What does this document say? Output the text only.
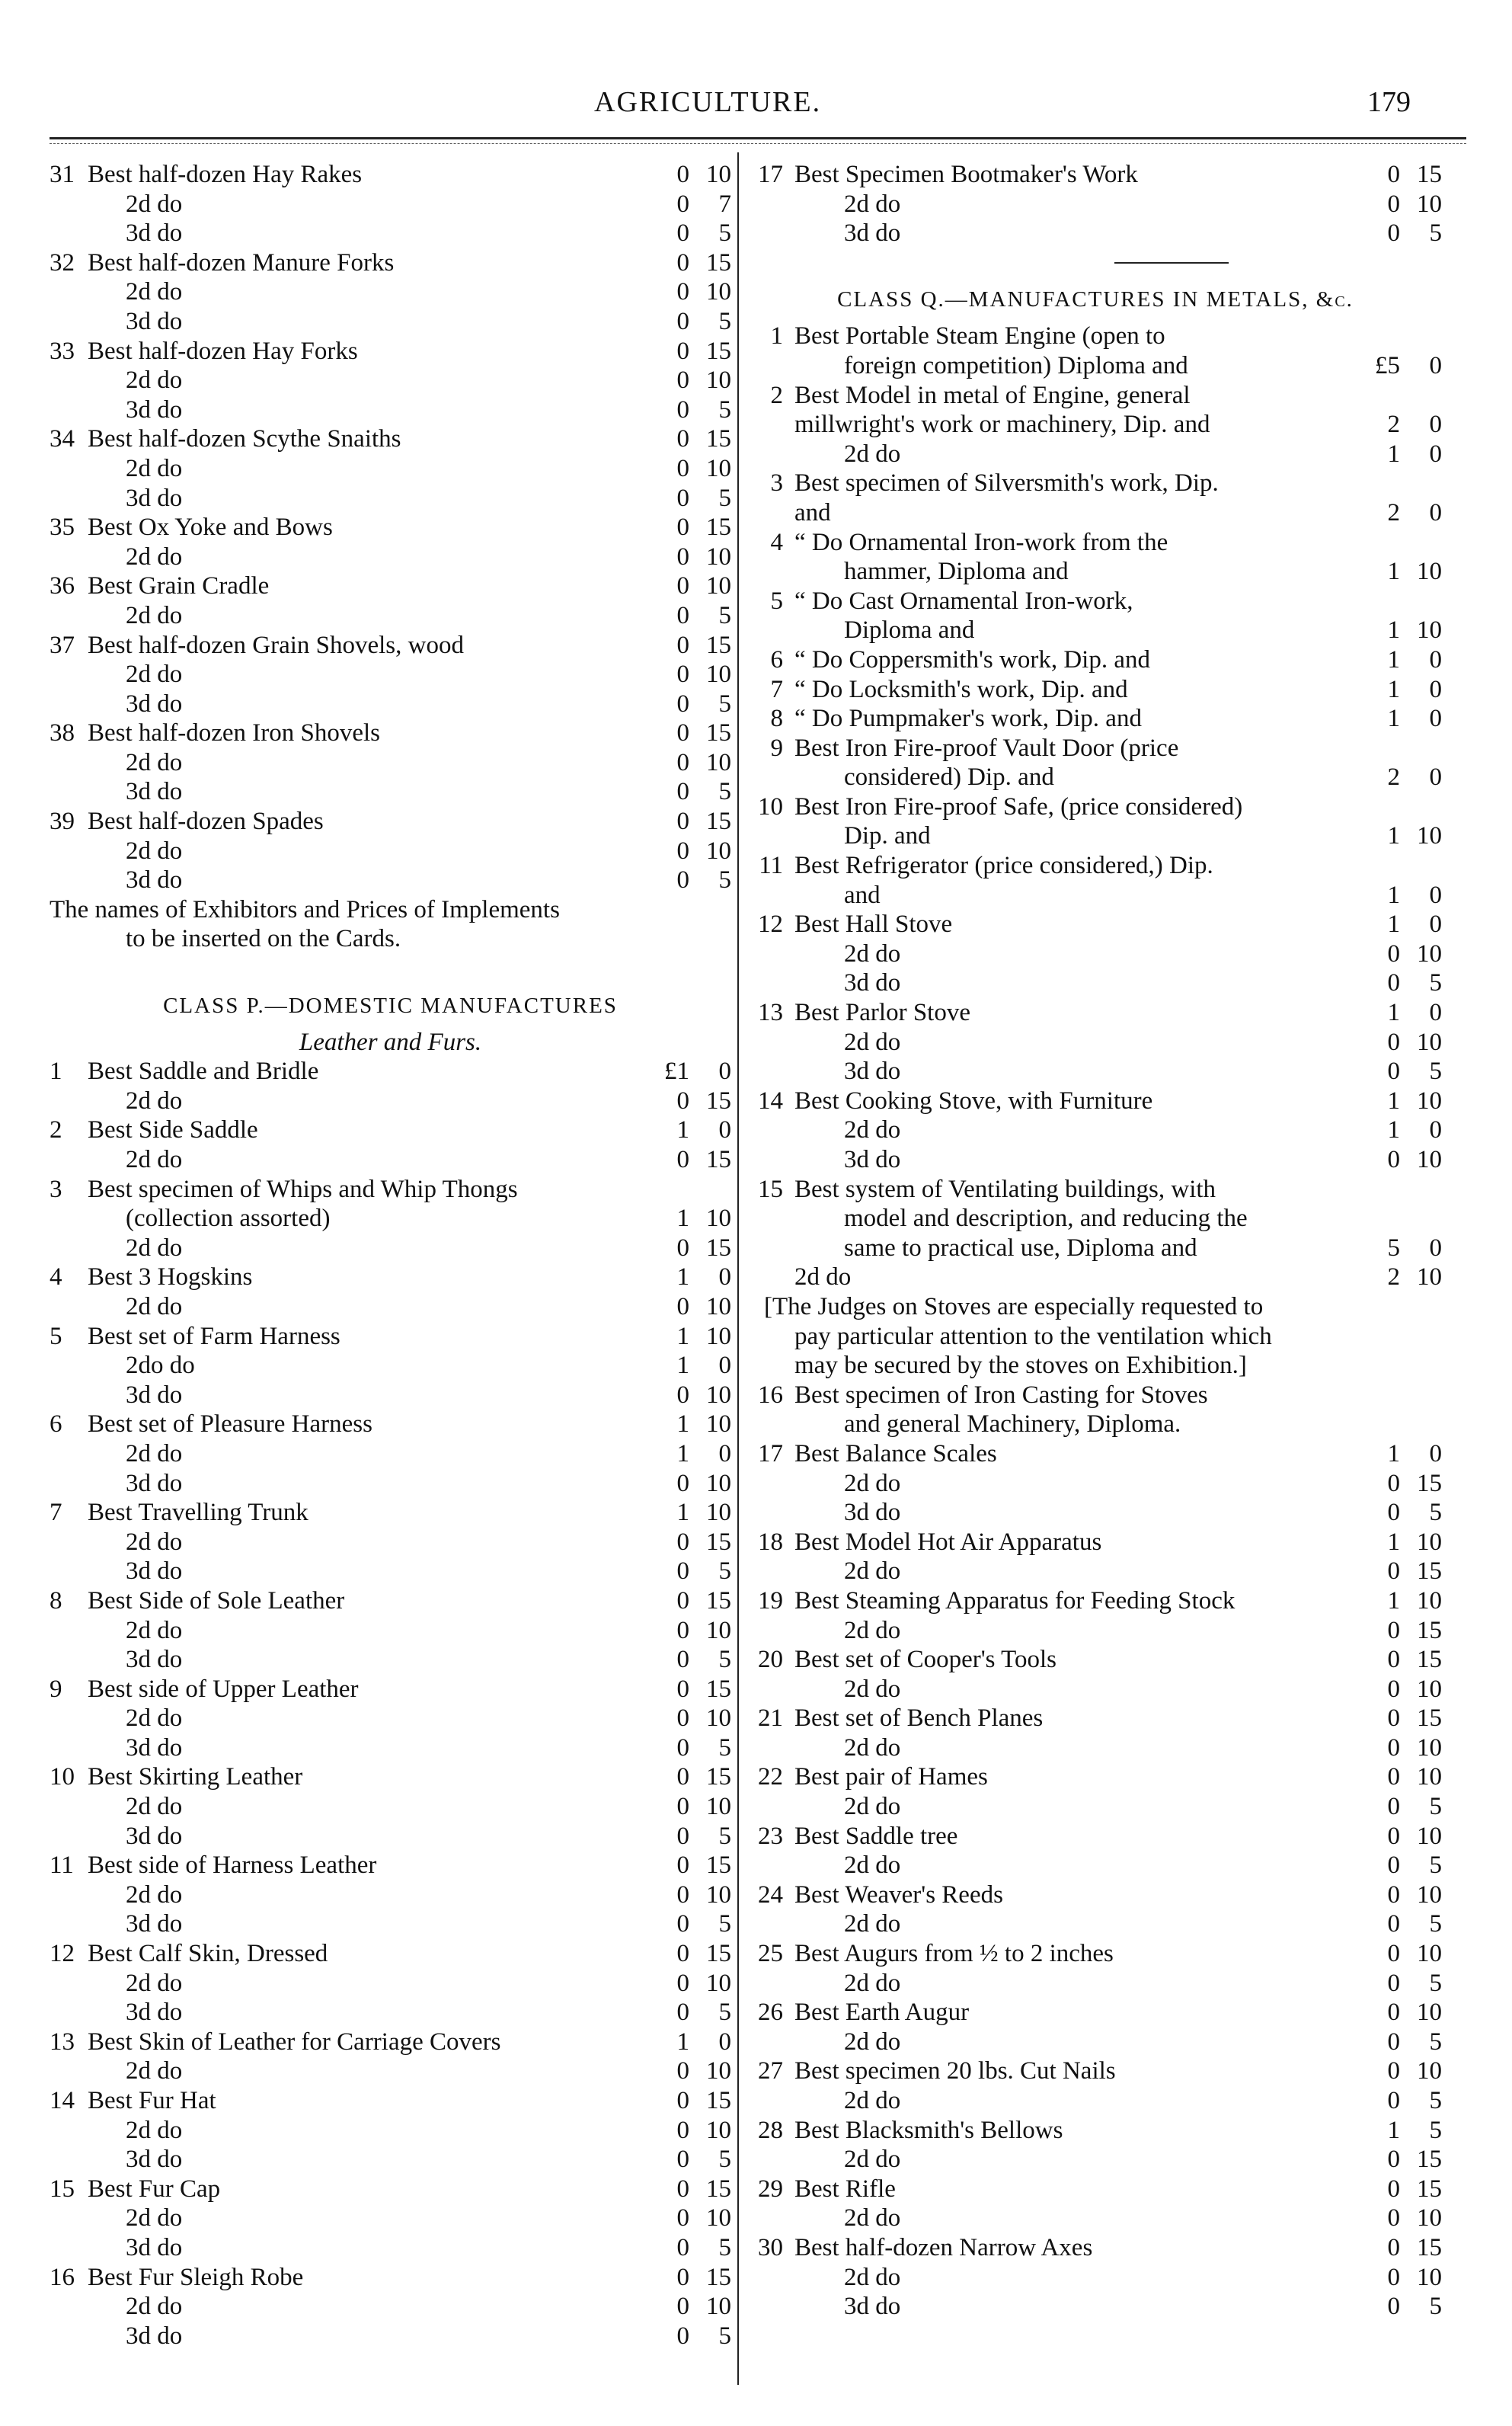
AGRICULTURE.	179
31 Best half-dozen Hay Rakes	0 10
2d do	0	7
3d do	0	5
32 Best half-dozen Manure Forks	0 15
2d do	0 10
3d do	0	5
33 Best half-dozen Hay Forks	0 15
2d do	0 10
3d do	0	5
34 Best half-dozen Scythe Snaiths	0 15
2d do	0 10
3d do	0	5
35 Best Ox Yoke and Bows	0 15
2d do	0 10
36 Best Grain Cradle	0 10
2d do	0	5
37 Best half-dozen Grain Shovels, wood	0 15
2d do	0 10
3d do	0	5
38 Best half-dozen Iron Shovels	0 15
2d do	0 10
3d do	0	5
39 Best half-dozen Spades	0 15
2d do	0 10
3d do	0	5
The names of Exhibitors and Prices of Implements
to be inserted on the Cards.
CLASS P.—DOMESTIC MANUFACTURES
Leather and Furs.
1 Best Saddle and Bridle	£1	0
2d do	0 15
2 Best Side Saddle	1	0
2d do	0 15
3 Best specimen of Whips and Whip Thongs
(collection assorted)	1 10
2d do	0 15
4 Best 3 Hogskins	1	0
2d do	0 10
5 Best set of Farm Harness	1 10
2do do	1	0
3d do	0 10
6 Best set of Pleasure Harness	1 10
2d do	1	0
3d do	0 10
7 Best Travelling Trunk	1 10
2d do	0 15
3d do	0	5
8 Best Side of Sole Leather	0 15
2d do	0 10
3d do	0	5
9 Best side of Upper Leather	0 15
2d do	0 10
3d do	0	5
10 Best Skirting Leather	0 15
2d do	0 10
3d do	0	5
11 Best side of Harness Leather	0 15
2d do	0 10
3d do	0	5
12 Best Calf Skin, Dressed	0 15
2d do	0 10
3d do	0	5
13 Best Skin of Leather for Carriage Covers	1	0
2d do	0 10
14 Best Fur Hat	0 15
2d do	0 10
3d do	0	5
15 Best Fur Cap	0 15
2d do	0 10
3d do	0	5
16 Best Fur Sleigh Robe	0 15
2d do	0 10
3d do	0	5
17 Best Specimen Bootmaker's Work	0 15
2d do	0 10
3d do	0	5
CLASS Q.—MANUFACTURES IN METALS, &c.
1 Best Portable Steam Engine (open to
foreign competition) Diploma and	£5	0
2 Best Model in metal of Engine, general
millwright's work or machinery, Dip. and	2	0
2d do	1	0
3 Best specimen of Silversmith's work, Dip.
and	2	0
4 “ Do Ornamental Iron-work from the
hammer, Diploma and	1 10
5 “ Do Cast Ornamental Iron-work,
Diploma and	1 10
6 “ Do Coppersmith's work, Dip. and	1	0
7 “ Do Locksmith's work, Dip. and	1	0
8 “ Do Pumpmaker's work, Dip. and	1	0
9 Best Iron Fire-proof Vault Door (price
considered) Dip. and	2	0
10 Best Iron Fire-proof Safe, (price considered)
Dip. and	1 10
11 Best Refrigerator (price considered,) Dip.
and	1	0
12 Best Hall Stove	1	0
2d do	0 10
3d do	0	5
13 Best Parlor Stove	1	0
2d do	0 10
3d do	0	5
14 Best Cooking Stove, with Furniture	1 10
2d do	1	0
3d do	0 10
15 Best system of Ventilating buildings, with
model and description, and reducing the
same to practical use, Diploma and	5	0
2d do	2 10
[The Judges on Stoves are especially requested to
pay particular attention to the ventilation which
may be secured by the stoves on Exhibition.]
16 Best specimen of Iron Casting for Stoves
and general Machinery, Diploma.
17 Best Balance Scales	1	0
2d do	0 15
3d do	0	5
18 Best Model Hot Air Apparatus	1 10
2d do	0 15
19 Best Steaming Apparatus for Feeding Stock	1 10
2d do	0 15
20 Best set of Cooper's Tools	0 15
2d do	0 10
21 Best set of Bench Planes	0 15
2d do	0 10
22 Best pair of Hames	0 10
2d do	0	5
23 Best Saddle tree	0 10
2d do	0	5
24 Best Weaver's Reeds	0 10
2d do	0	5
25 Best Augurs from ½ to 2 inches	0 10
2d do	0	5
26 Best Earth Augur	0 10
2d do	0	5
27 Best specimen 20 lbs. Cut Nails	0 10
2d do	0	5
28 Best Blacksmith's Bellows	1	5
2d do	0 15
29 Best Rifle	0 15
2d do	0 10
30 Best half-dozen Narrow Axes	0 15
2d do	0 10
3d do	0	5
